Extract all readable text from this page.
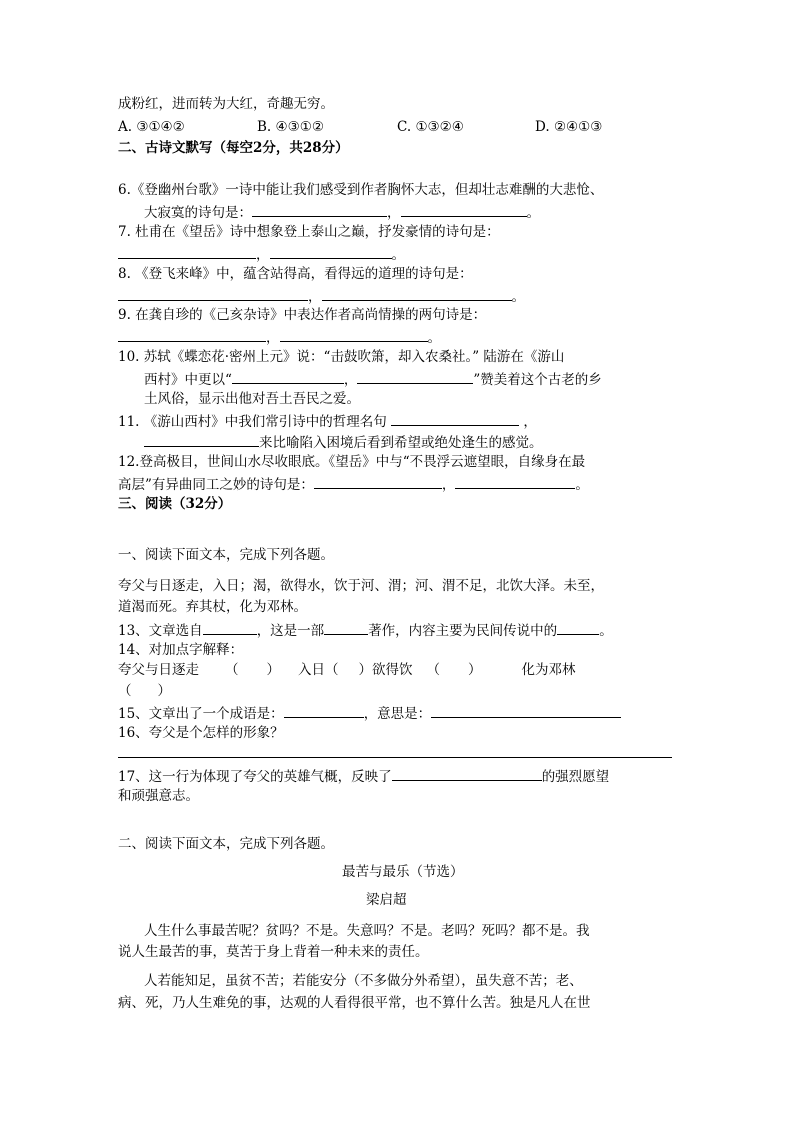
成粉红，进而转为大红，奇趣无穷。
A. ③①④②	B. ④③①②	C. ①③②④	D. ②④①③
二、古诗文默写（每空2分，共28分）
6.《登幽州台歌》一诗中能让我们感受到作者胸怀大志，但却壮志难酬的大悲怆、
大寂寞的诗句是：	，	。
7. 杜甫在《望岳》诗中想象登上泰山之巅，抒发豪情的诗句是：
，	。
8. 《登飞来峰》中，蕴含站得高，看得远的道理的诗句是：
，	。
9. 在龚自珍的《己亥杂诗》中表达作者高尚情操的两句诗是：
，	。
10. 苏轼《蝶恋花·密州上元》说：“击鼓吹箫，却入农桑社。” 陆游在《游山
西村》中更以“	，	”赞美着这个古老的乡
土风俗，显示出他对吾土吾民之爱。
11. 《游山西村》中我们常引诗中的哲理名句	，
来比喻陷入困境后看到希望或绝处逢生的感觉。
12.登高极目，世间山水尽收眼底。《望岳》中与“不畏浮云遮望眼，自缘身在最
高层”有异曲同工之妙的诗句是：	，	。
三、阅读（32分）
一、阅读下面文本，完成下列各题。
夸父与日逐走，入日；渴，欲得水，饮于河、渭；河、渭不足，北饮大泽。未至，
道渴而死。弃其杖，化为邓林。
13、文章选自	，这是一部	著作，内容主要为民间传说中的	。
14、对加点字解释：
夸父与日逐走 （ ） 入日（ ）欲得饮 （ ）	化为邓林
（ ）
15、文章出了一个成语是：	，意思是：
16、夸父是个怎样的形象？
17、这一行为体现了夸父的英雄气概，反映了	的强烈愿望
和顽强意志。
二、阅读下面文本，完成下列各题。
最苦与最乐（节选）
梁启超
人生什么事最苦呢？贫吗？不是。失意吗？不是。老吗？死吗？都不是。我
说人生最苦的事，莫苦于身上背着一种未来的责任。
人若能知足，虽贫不苦；若能安分（不多做分外希望），虽失意不苦；老、
病、死，乃人生难免的事，达观的人看得很平常，也不算什么苦。独是凡人在世
